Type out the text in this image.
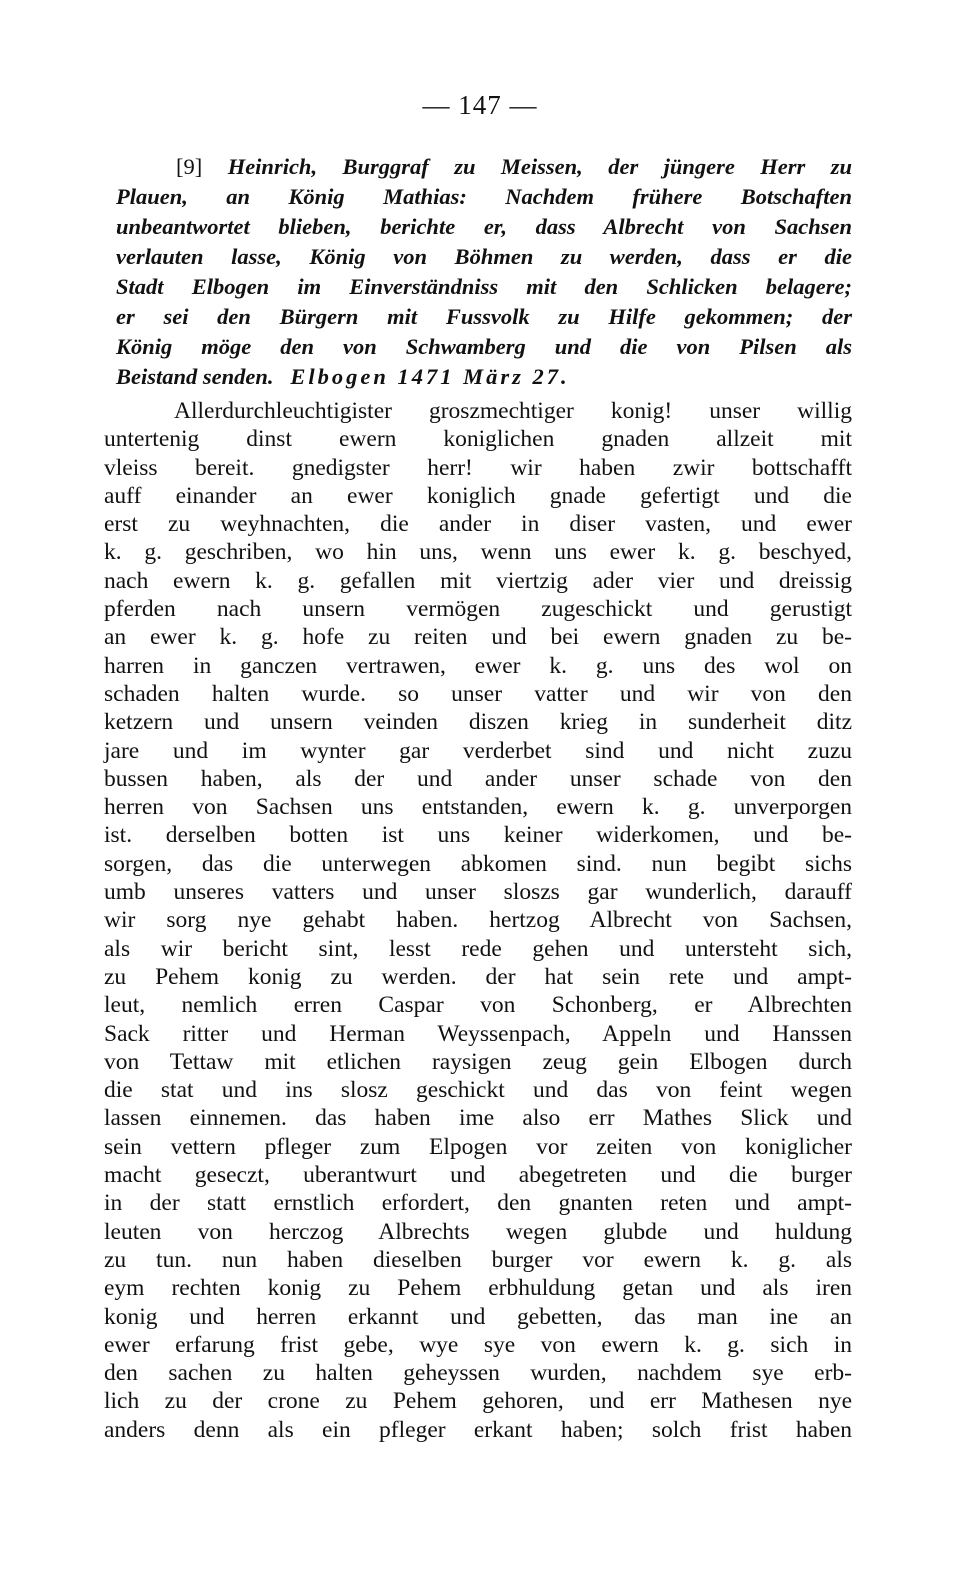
— 147 —
[9] Heinrich, Burggraf zu Meissen, der jüngere Herr zu
Plauen, an König Mathias: Nachdem frühere Botschaften
unbeantwortet blieben, berichte er, dass Albrecht von Sachsen
verlauten lasse, König von Böhmen zu werden, dass er die
Stadt Elbogen im Einverständniss mit den Schlicken belagere;
er sei den Bürgern mit Fussvolk zu Hilfe gekommen; der
König möge den von Schwamberg und die von Pilsen als
Beistand senden. Elbogen 1471 März 27.
Allerdurchleuchtigister groszmechtiger konig! unser willig
untertenig dinst ewern koniglichen gnaden allzeit mit
vleiss bereit. gnedigster herr! wir haben zwir bottschafft
auff einander an ewer koniglich gnade gefertigt und die
erst zu weyhnachten, die ander in diser vasten, und ewer
k. g. geschriben, wo hin uns, wenn uns ewer k. g. beschyed,
nach ewern k. g. gefallen mit viertzig ader vier und dreissig
pferden nach unsern vermögen zugeschickt und gerustigt
an ewer k. g. hofe zu reiten und bei ewern gnaden zu be-
harren in ganczen vertrawen, ewer k. g. uns des wol on
schaden halten wurde. so unser vatter und wir von den
ketzern und unsern veinden diszen krieg in sunderheit ditz
jare und im wynter gar verderbet sind und nicht zuzu
bussen haben, als der und ander unser schade von den
herren von Sachsen uns entstanden, ewern k. g. unverporgen
ist. derselben botten ist uns keiner widerkomen, und be-
sorgen, das die unterwegen abkomen sind. nun begibt sichs
umb unseres vatters und unser sloszs gar wunderlich, darauff
wir sorg nye gehabt haben. hertzog Albrecht von Sachsen,
als wir bericht sint, lesst rede gehen und untersteht sich,
zu Pehem konig zu werden. der hat sein rete und ampt-
leut, nemlich erren Caspar von Schonberg, er Albrechten
Sack ritter und Herman Weyssenpach, Appeln und Hanssen
von Tettaw mit etlichen raysigen zeug gein Elbogen durch
die stat und ins slosz geschickt und das von feint wegen
lassen einnemen. das haben ime also err Mathes Slick und
sein vettern pfleger zum Elpogen vor zeiten von koniglicher
macht geseczt, uberantwurt und abegetreten und die burger
in der statt ernstlich erfordert, den gnanten reten und ampt-
leuten von herczog Albrechts wegen glubde und huldung
zu tun. nun haben dieselben burger vor ewern k. g. als
eym rechten konig zu Pehem erbhuldung getan und als iren
konig und herren erkannt und gebetten, das man ine an
ewer erfarung frist gebe, wye sye von ewern k. g. sich in
den sachen zu halten geheyssen wurden, nachdem sye erb-
lich zu der crone zu Pehem gehoren, und err Mathesen nye
anders denn als ein pfleger erkant haben; solch frist haben
